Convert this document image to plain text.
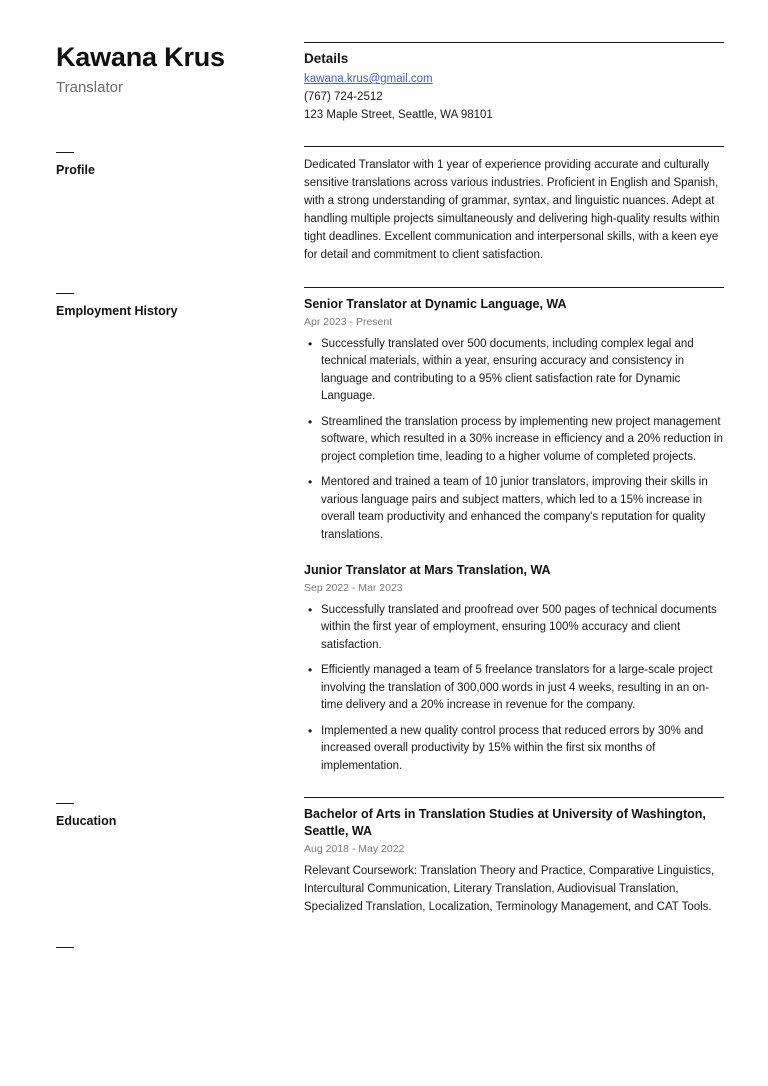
Kawana Krus

Translator

Details
kawana.krus@gmail.com
(767) 724-2512
123 Maple Street, Seattle, WA 98101
Profile	Dedicated Translator with 1 year of experience providing accurate and culturally sensitive translations across various industries. Proficient in English and Spanish, with a strong understanding of grammar, syntax, and linguistic nuances. Adept at handling multiple projects simultaneously and delivering high-quality results within tight deadlines. Excellent communication and interpersonal skills, with a keen eye for detail and commitment to client satisfaction.

Employment History	Senior Translator at Dynamic Language, WA
Apr 2023 - Present
• Successfully translated over 500 documents, including complex legal and technical materials, within a year, ensuring accuracy and consistency in language and contributing to a 95% client satisfaction rate for Dynamic Language.
• Streamlined the translation process by implementing new project management software, which resulted in a 30% increase in efficiency and a 20% reduction in project completion time, leading to a higher volume of completed projects.
• Mentored and trained a team of 10 junior translators, improving their skills in various language pairs and subject matters, which led to a 15% increase in overall team productivity and enhanced the company's reputation for quality translations.
Junior Translator at Mars Translation, WA
Sep 2022 - Mar 2023
• Successfully translated and proofread over 500 pages of technical documents within the first year of employment, ensuring 100% accuracy and client satisfaction.
• Efficiently managed a team of 5 freelance translators for a large-scale project involving the translation of 300,000 words in just 4 weeks, resulting in an on-time delivery and a 20% increase in revenue for the company.
• Implemented a new quality control process that reduced errors by 30% and increased overall productivity by 15% within the first six months of implementation.
Education	Bachelor of Arts in Translation Studies at University of Washington, Seattle, WA
Aug 2018 - May 2022

Relevant Coursework: Translation Theory and Practice, Comparative Linguistics, Intercultural Communication, Literary Translation, Audiovisual Translation, Specialized Translation, Localization, Terminology Management, and CAT Tools.
